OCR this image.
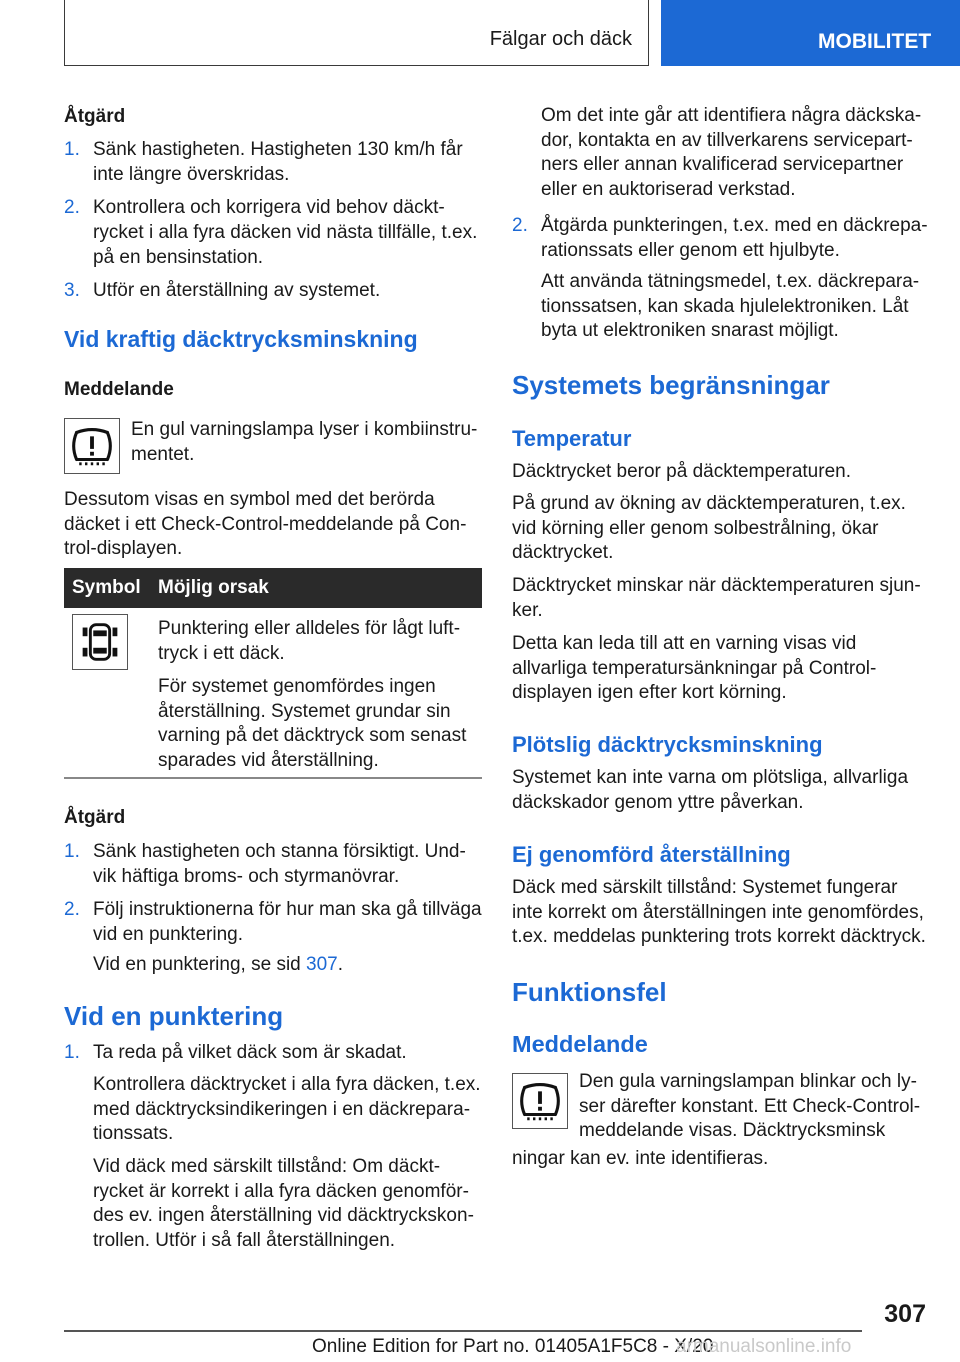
Fälgar och däck	MOBILITET
Åtgärd
1. Sänk hastigheten. Hastigheten 130 km/h får inte längre överskridas.
2. Kontrollera och korrigera vid behov däcktrycket i alla fyra däcken vid nästa tillfälle, t.ex. på en bensinstation.
3. Utför en återställning av systemet.
Vid kraftig däcktrycksminskning
Meddelande
En gul varningslampa lyser i kombiinstrumentet.
Dessutom visas en symbol med det berörda däcket i ett Check-Control-meddelande på Control-displayen.
Symbol Möjlig orsak
Punktering eller alldeles för lågt lufttryck i ett däck.
För systemet genomfördes ingen återställning. Systemet grundar sin varning på det däcktryck som senast sparades vid återställning.
Åtgärd
1. Sänk hastigheten och stanna försiktigt. Undvik häftiga broms- och styrmanövrar.
2. Följ instruktionerna för hur man ska gå tillväga vid en punktering.
Vid en punktering, se sid 307.
Vid en punktering
1. Ta reda på vilket däck som är skadat.
Kontrollera däcktrycket i alla fyra däcken, t.ex. med däcktrycksindikeringen i en däckreparationssats.
Vid däck med särskilt tillstånd: Om däcktrycket är korrekt i alla fyra däcken genomfördes ev. ingen återställning vid däcktryckskontrollen. Utför i så fall återställningen.
Om det inte går att identifiera några däckskador, kontakta en av tillverkarens servicepartners eller annan kvalificerad servicepartner eller en auktoriserad verkstad.
2. Åtgärda punkteringen, t.ex. med en däckreparationssats eller genom ett hjulbyte.
Att använda tätningsmedel, t.ex. däckreparationssatsen, kan skada hjulelektroniken. Låt byta ut elektroniken snarast möjligt.
Systemets begränsningar
Temperatur
Däcktrycket beror på däcktemperaturen.
På grund av ökning av däcktemperaturen, t.ex. vid körning eller genom solbestrålning, ökar däcktrycket.
Däcktrycket minskar när däcktemperaturen sjunker.
Detta kan leda till att en varning visas vid allvarliga temperatursänkningar på Control-displayen igen efter kort körning.
Plötslig däcktrycksminskning
Systemet kan inte varna om plötsliga, allvarliga däckskador genom yttre påverkan.
Ej genomförd återställning
Däck med särskilt tillstånd: Systemet fungerar inte korrekt om återställningen inte genomfördes, t.ex. meddelas punktering trots korrekt däcktryck.
Funktionsfel
Meddelande
Den gula varningslampan blinkar och lyser därefter konstant. Ett Check-Control-meddelande visas. Däcktrycksminsk
ningar kan ev. inte identifieras.
307
Online Edition for Part no. 01405A1F5C8 - X/20
armanualsonline.info
